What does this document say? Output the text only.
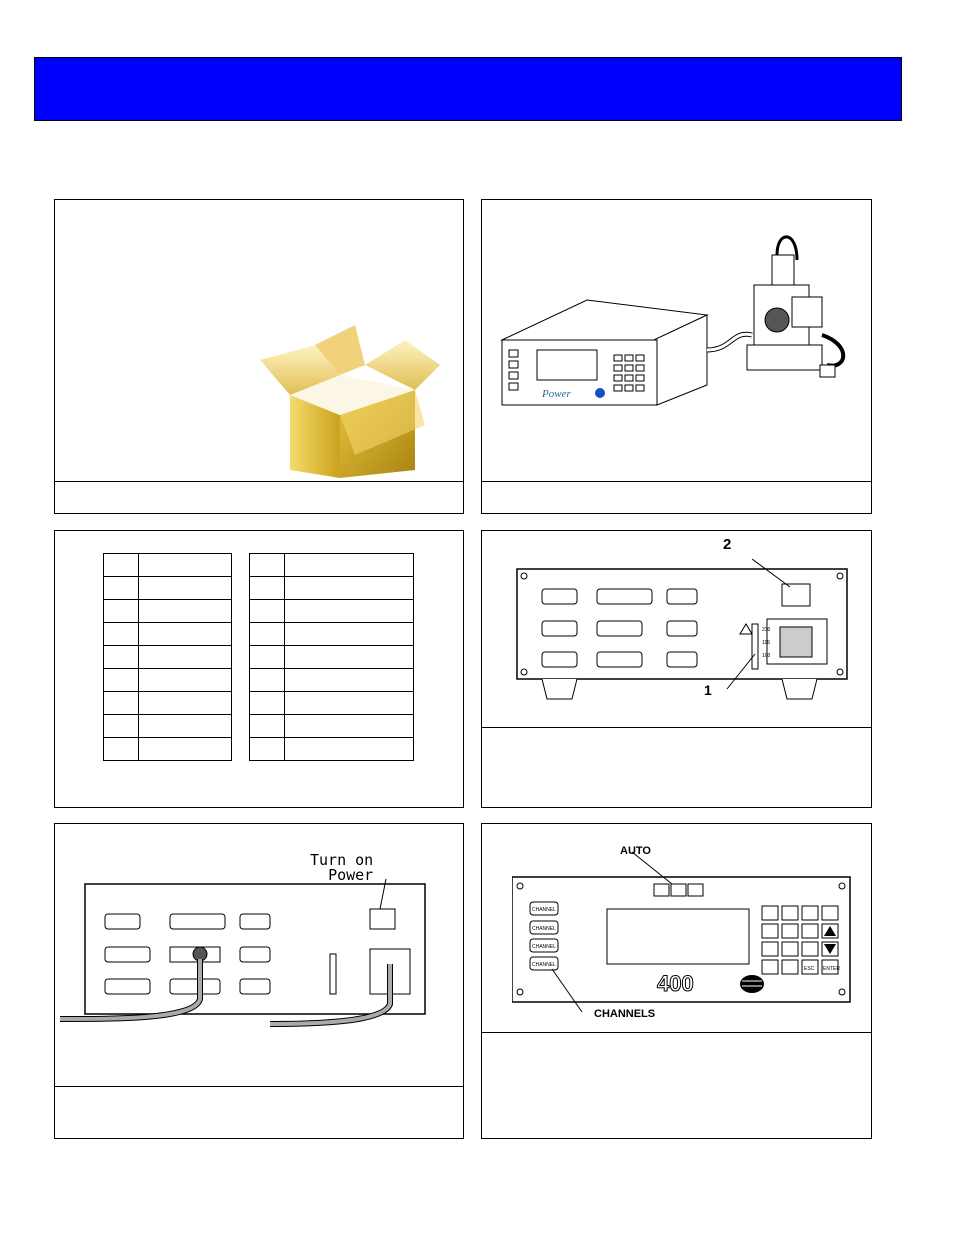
Power

230
115
100
1
2
Turn on
Power
AUTO
CHANNELS
CHANNEL
CHANNEL
CHANNEL
CHANNEL
ESC ENTER
400
